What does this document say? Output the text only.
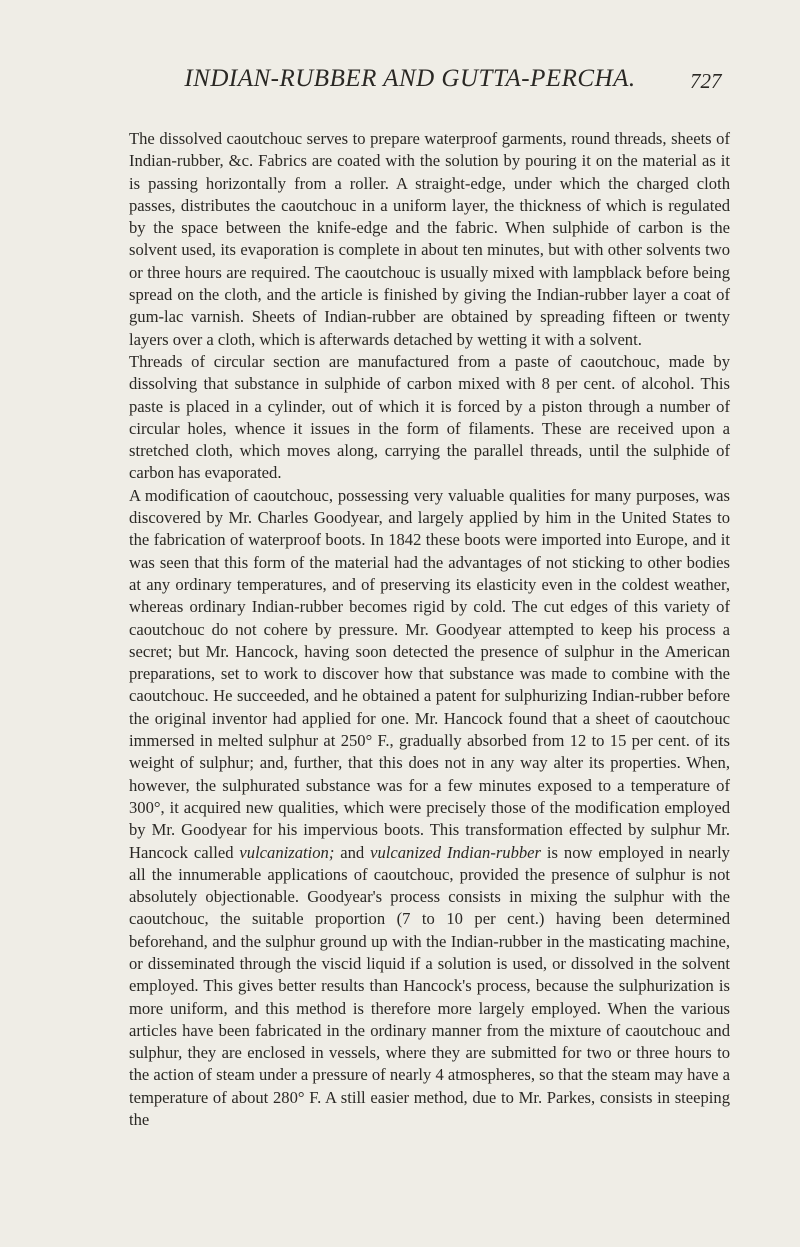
INDIAN-RUBBER AND GUTTA-PERCHA.	727

The dissolved caoutchouc serves to prepare waterproof garments, round threads, sheets of Indian-rubber, &c. Fabrics are coated with the solution by pouring it on the material as it is passing horizontally from a roller. A straight-edge, under which the charged cloth passes, distributes the caoutchouc in a uniform layer, the thickness of which is regulated by the space between the knife-edge and the fabric. When sulphide of carbon is the solvent used, its evaporation is complete in about ten minutes, but with other solvents two or three hours are required. The caoutchouc is usually mixed with lampblack before being spread on the cloth, and the article is finished by giving the Indian-rubber layer a coat of gum-lac varnish. Sheets of Indian-rubber are obtained by spreading fifteen or twenty layers over a cloth, which is afterwards detached by wetting it with a solvent.

Threads of circular section are manufactured from a paste of caoutchouc, made by dissolving that substance in sulphide of carbon mixed with 8 per cent. of alcohol. This paste is placed in a cylinder, out of which it is forced by a piston through a number of circular holes, whence it issues in the form of filaments. These are received upon a stretched cloth, which moves along, carrying the parallel threads, until the sulphide of carbon has evaporated.

A modification of caoutchouc, possessing very valuable qualities for many purposes, was discovered by Mr. Charles Goodyear, and largely applied by him in the United States to the fabrication of waterproof boots. In 1842 these boots were imported into Europe, and it was seen that this form of the material had the advantages of not sticking to other bodies at any ordinary temperatures, and of preserving its elasticity even in the coldest weather, whereas ordinary Indian-rubber becomes rigid by cold. The cut edges of this variety of caoutchouc do not cohere by pressure. Mr. Goodyear attempted to keep his process a secret; but Mr. Hancock, having soon detected the presence of sulphur in the American preparations, set to work to discover how that substance was made to combine with the caoutchouc. He succeeded, and he obtained a patent for sulphurizing Indian-rubber before the original inventor had applied for one. Mr. Hancock found that a sheet of caoutchouc immersed in melted sulphur at 250° F., gradually absorbed from 12 to 15 per cent. of its weight of sulphur; and, further, that this does not in any way alter its properties. When, however, the sulphurated substance was for a few minutes exposed to a temperature of 300°, it acquired new qualities, which were precisely those of the modification employed by Mr. Goodyear for his impervious boots. This transformation effected by sulphur Mr. Hancock called vulcanization; and vulcanized Indian-rubber is now employed in nearly all the innumerable applications of caoutchouc, provided the presence of sulphur is not absolutely objectionable. Goodyear's process consists in mixing the sulphur with the caoutchouc, the suitable proportion (7 to 10 per cent.) having been determined beforehand, and the sulphur ground up with the Indian-rubber in the masticating machine, or disseminated through the viscid liquid if a solution is used, or dissolved in the solvent employed. This gives better results than Hancock's process, because the sulphurization is more uniform, and this method is therefore more largely employed. When the various articles have been fabricated in the ordinary manner from the mixture of caoutchouc and sulphur, they are enclosed in vessels, where they are submitted for two or three hours to the action of steam under a pressure of nearly 4 atmospheres, so that the steam may have a temperature of about 280° F. A still easier method, due to Mr. Parkes, consists in steeping the
